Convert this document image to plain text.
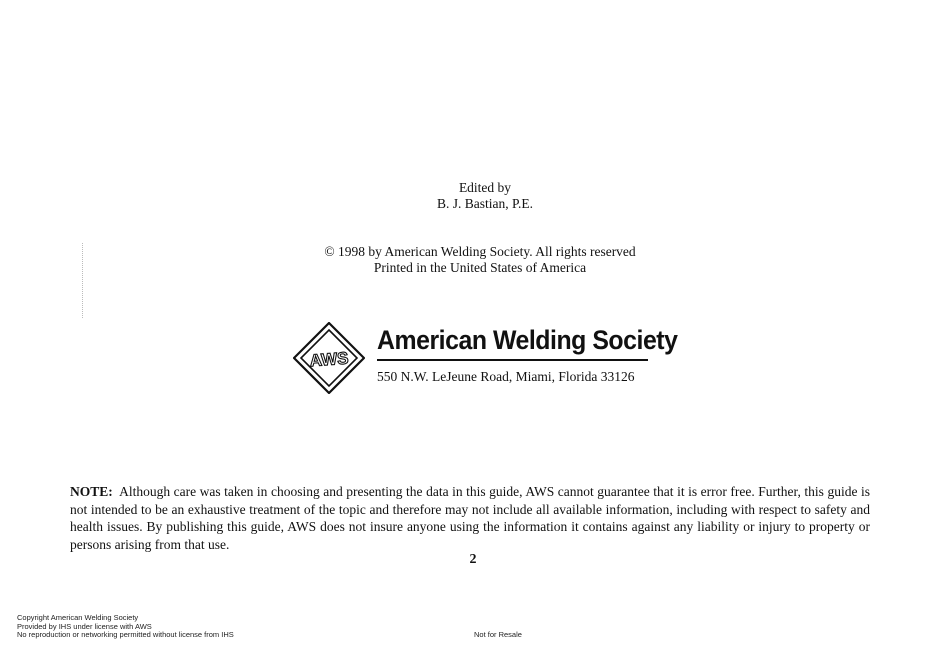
Edited by
B. J. Bastian, P.E.
© 1998 by American Welding Society. All rights reserved
Printed in the United States of America
AWS
American Welding Society
550 N.W. LeJeune Road, Miami, Florida 33126
NOTE: Although care was taken in choosing and presenting the data in this guide, AWS cannot guarantee that it is error free. Further, this guide is not intended to be an exhaustive treatment of the topic and therefore may not include all available information, including with respect to safety and health issues. By publishing this guide, AWS does not insure anyone using the information it contains against any liability or injury to property or persons arising from that use.
2
Copyright American Welding Society
Provided by IHS under license with AWS
No reproduction or networking permitted without license from IHS	Not for Resale
